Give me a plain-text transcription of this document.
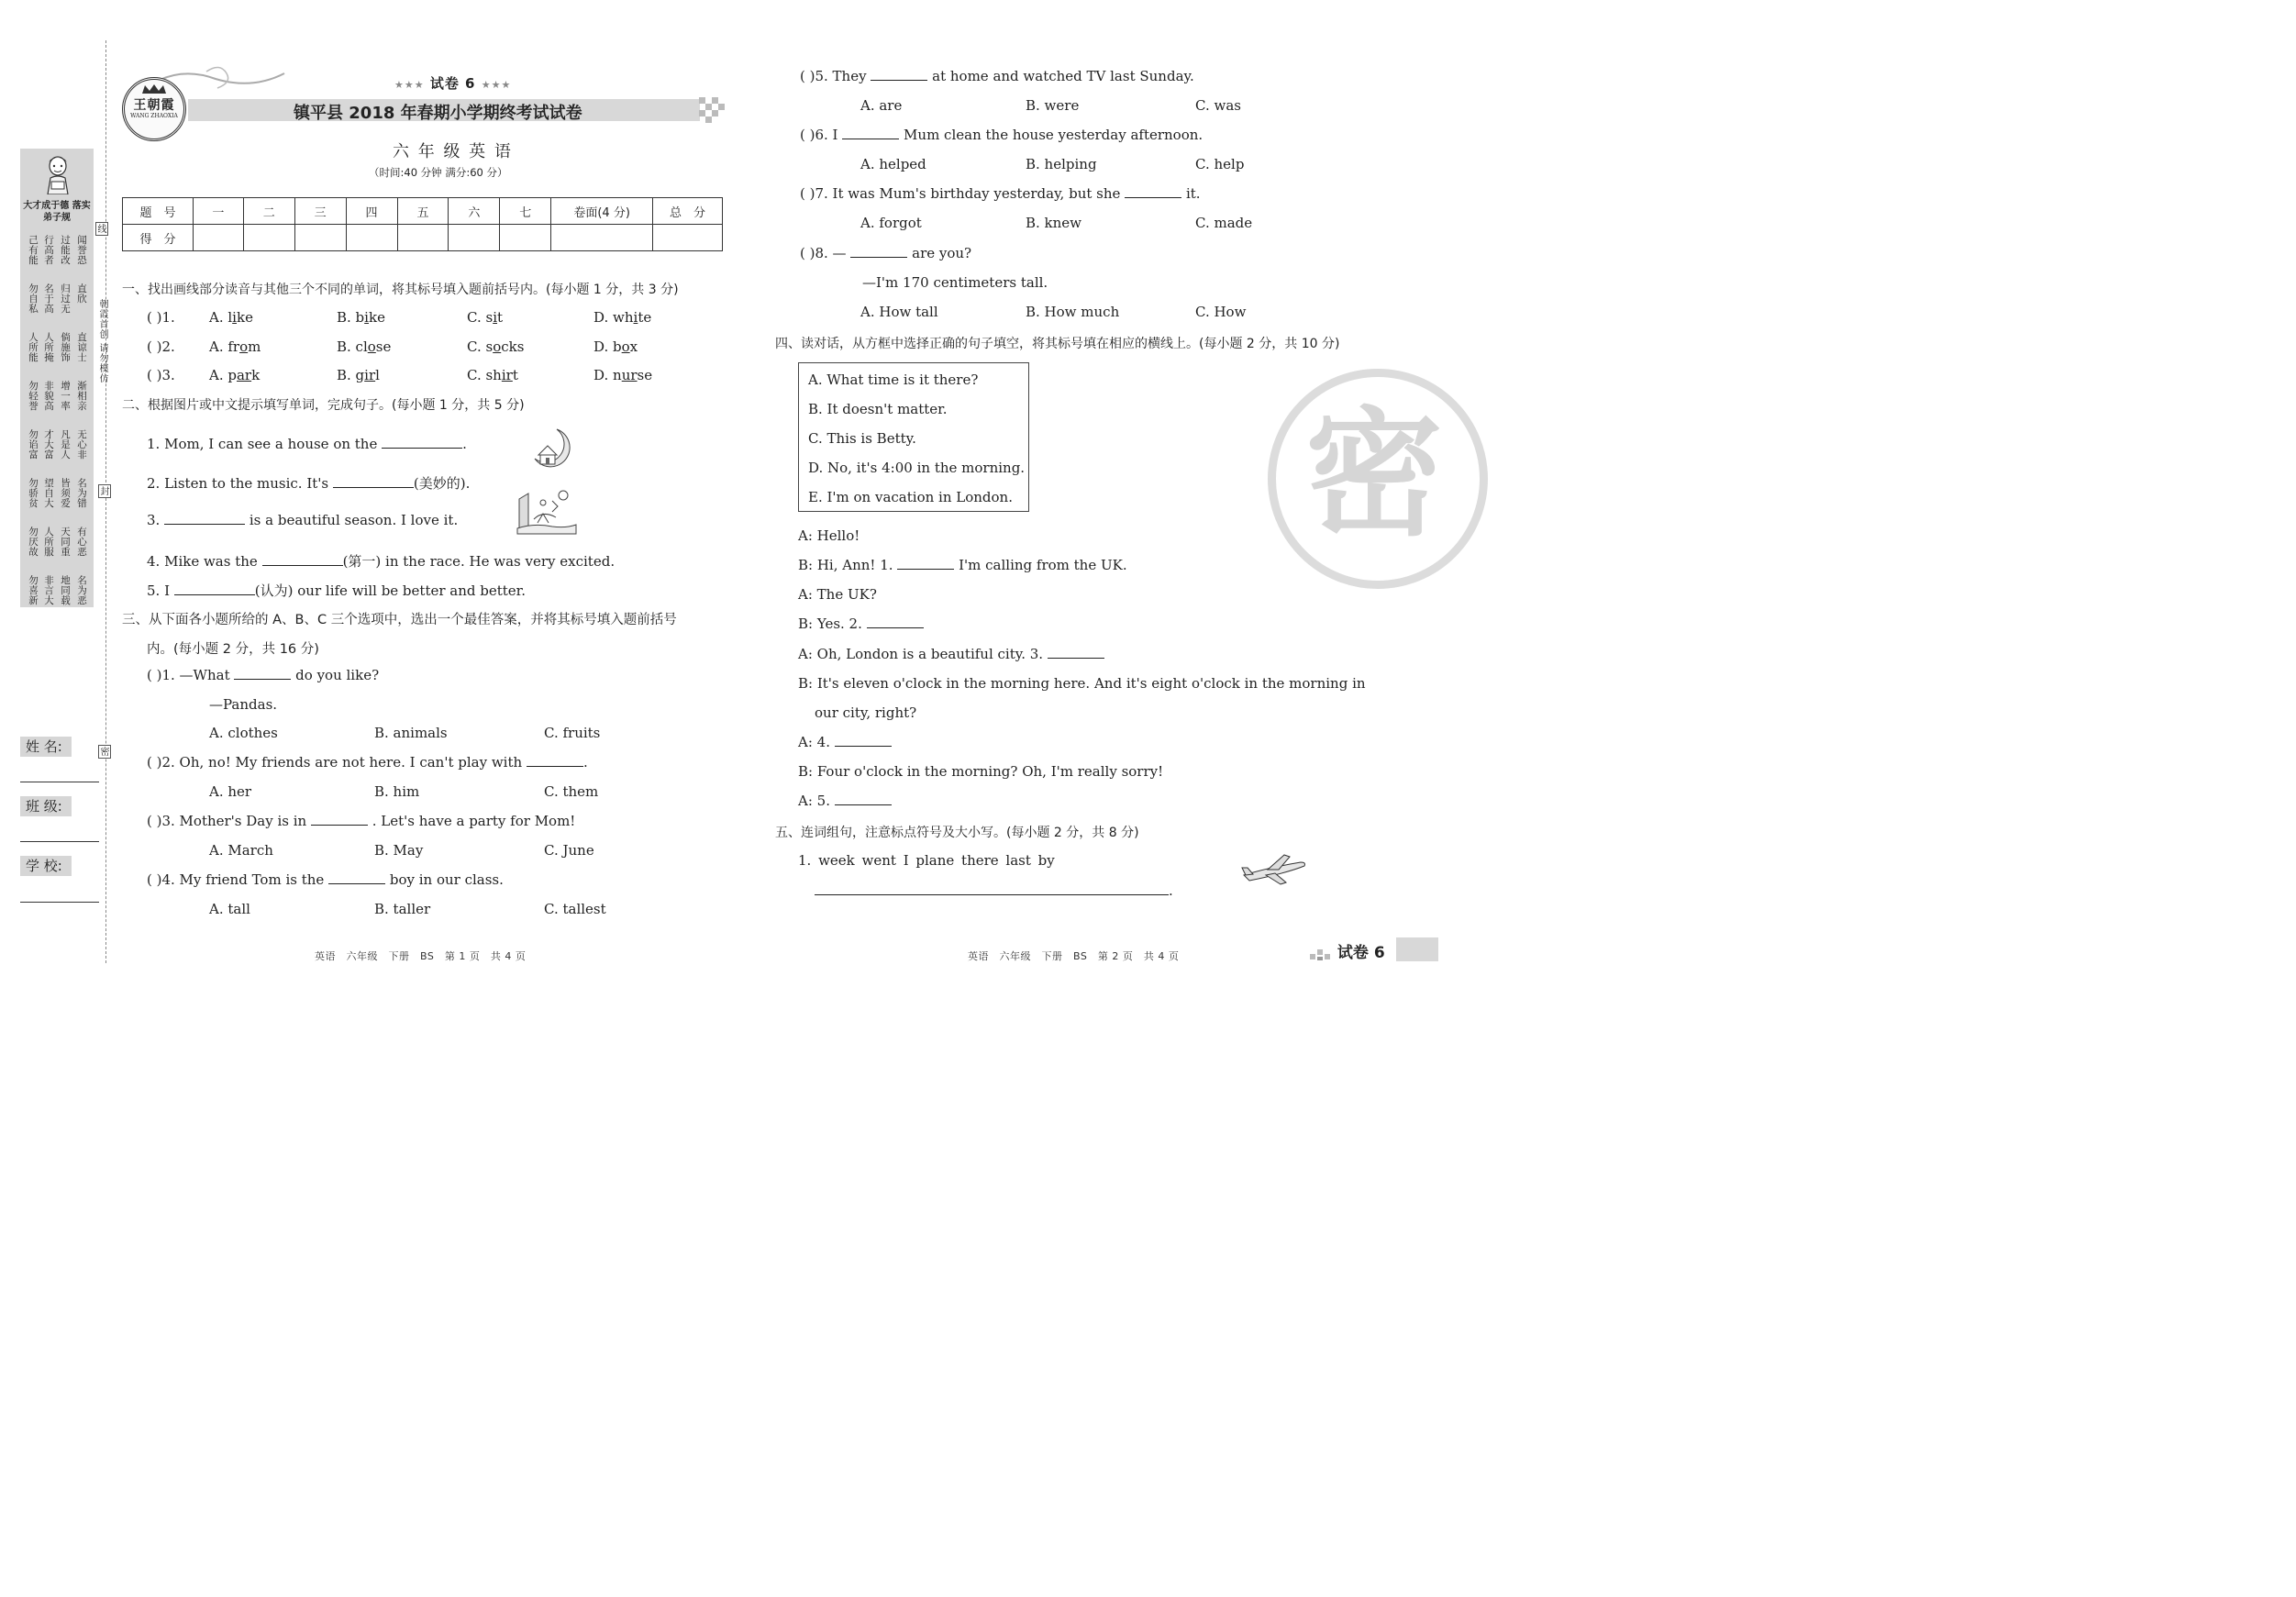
大才成于德 落实弟子规
己有能
行高者
过能改
闻誉恐
勿自私
名于高
归过无
直欣
人所能
人所掩
倘施饰
直谅士
勿轻誉
非貌高
增一率
渐相亲
勿谄富
才大富
凡是人
无心非
勿骄贫
望自大
皆须爱
名为错
勿厌故
人所服
天同重
有心恶
勿喜新
非言大
地同载
名为恶
线
朝霞首创 请勿模仿
封
密
姓 名:
班 级:
学 校:
王朝霞
WANG ZHAOXIA
★★★ 试卷 6 ★★★
镇平县 2018 年春期小学期终考试试卷
六 年 级 英 语
（时间:40 分钟 满分:60 分）
题　号	一	二	三	四	五	六	七	卷面(4 分)	总　分
得　分									
一、找出画线部分读音与其他三个不同的单词，将其标号填入题前括号内。(每小题 1 分，共 3 分)
( )1. A. like	B. bike	C. sit	D. white
( )2. A. from	B. close	C. socks	D. box
( )3. A. park	B. girl	C. shirt	D. nurse
二、根据图片或中文提示填写单词，完成句子。(每小题 1 分，共 5 分)
1. Mom, I can see a house on the	.
2. Listen to the music. It's	(美妙的).
3.	is a beautiful season. I love it.
4. Mike was the	(第一) in the race. He was very excited.
5. I	(认为) our life will be better and better.
三、从下面各小题所给的 A、B、C 三个选项中，选出一个最佳答案，并将其标号填入题前括号
内。(每小题 2 分，共 16 分)
( )1. —What	do you like?
—Pandas.
A. clothes	B. animals	C. fruits
( )2. Oh, no! My friends are not here. I can't play with	.
A. her	B. him	C. them
( )3. Mother's Day is in	. Let's have a party for Mom!
A. March	B. May	C. June
( )4. My friend Tom is the	boy in our class.
A. tall	B. taller	C. tallest
( )5. They	at home and watched TV last Sunday.
A. are	B. were	C. was
( )6. I	Mum clean the house yesterday afternoon.
A. helped	B. helping	C. help
( )7. It was Mum's birthday yesterday, but she	it.
A. forgot	B. knew	C. made
( )8. —	are you?
—I'm 170 centimeters tall.
A. How tall	B. How much	C. How
英语　六年级　下册　BS　第 1 页　共 4 页
四、读对话，从方框中选择正确的句子填空，将其标号填在相应的横线上。(每小题 2 分，共 10 分)
A. What time is it there?
B. It doesn't matter.
C. This is Betty.
D. No, it's 4:00 in the morning.
E. I'm on vacation in London.
A: Hello!
B: Hi, Ann! 1.	I'm calling from the UK.
A: The UK?
B: Yes. 2.
A: Oh, London is a beautiful city. 3.
B: It's eleven o'clock in the morning here. And it's eight o'clock in the morning in
our city, right?
A: 4.
B: Four o'clock in the morning? Oh, I'm really sorry!
A: 5.
五、连词组句，注意标点符号及大小写。(每小题 2 分，共 8 分)
1. week went I plane there last by
.
密
英语　六年级　下册　BS　第 2 页　共 4 页	试卷 6
